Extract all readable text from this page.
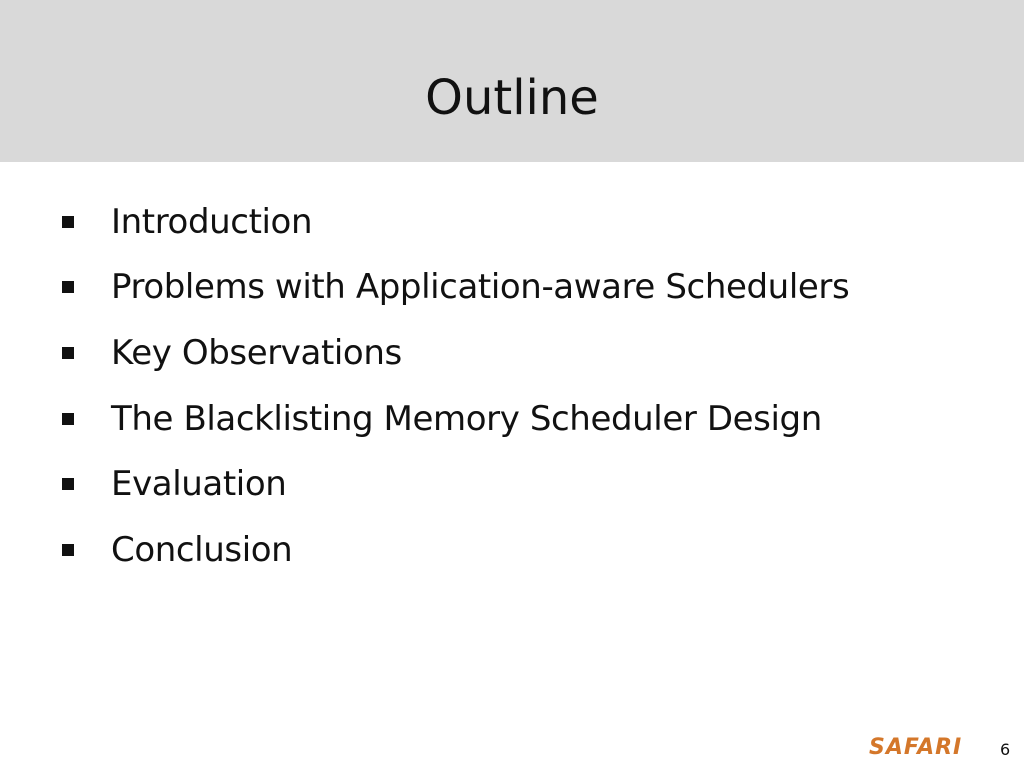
Outline
Introduction
Problems with Application-aware Schedulers
Key Observations
The Blacklisting Memory Scheduler Design
Evaluation
Conclusion
SAFARI 6
